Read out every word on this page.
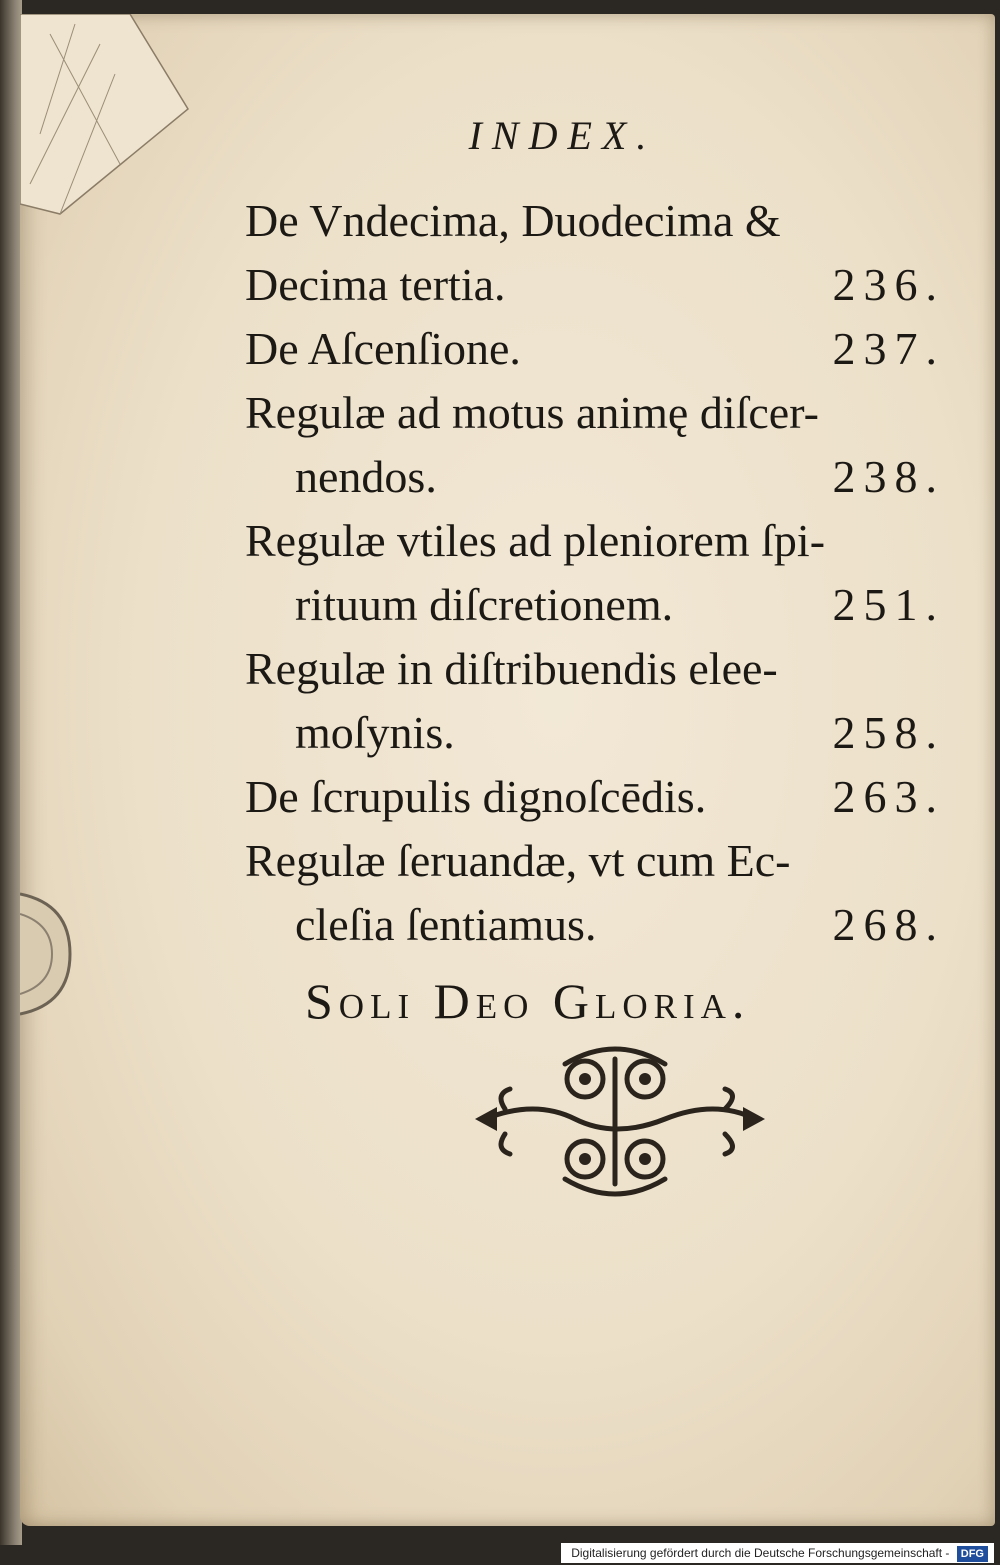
INDEX.
De Vndecima, Duodecima &
Decima tertia.	236.
De Aſcenſione.	237.
Regulæ ad motus animę diſcer-
nendos.	238.
Regulæ vtiles ad pleniorem ſpi-
rituum diſcretionem.	251.
Regulæ in diſtribuendis elee-
moſynis.	258.
De ſcrupulis dignoſcēdis.	263.
Regulæ ſeruandæ, vt cum Ec-
cleſia ſentiamus.	268.
Soli Deo Gloria.
Digitalisierung gefördert durch die Deutsche Forschungsgemeinschaft - DFG
